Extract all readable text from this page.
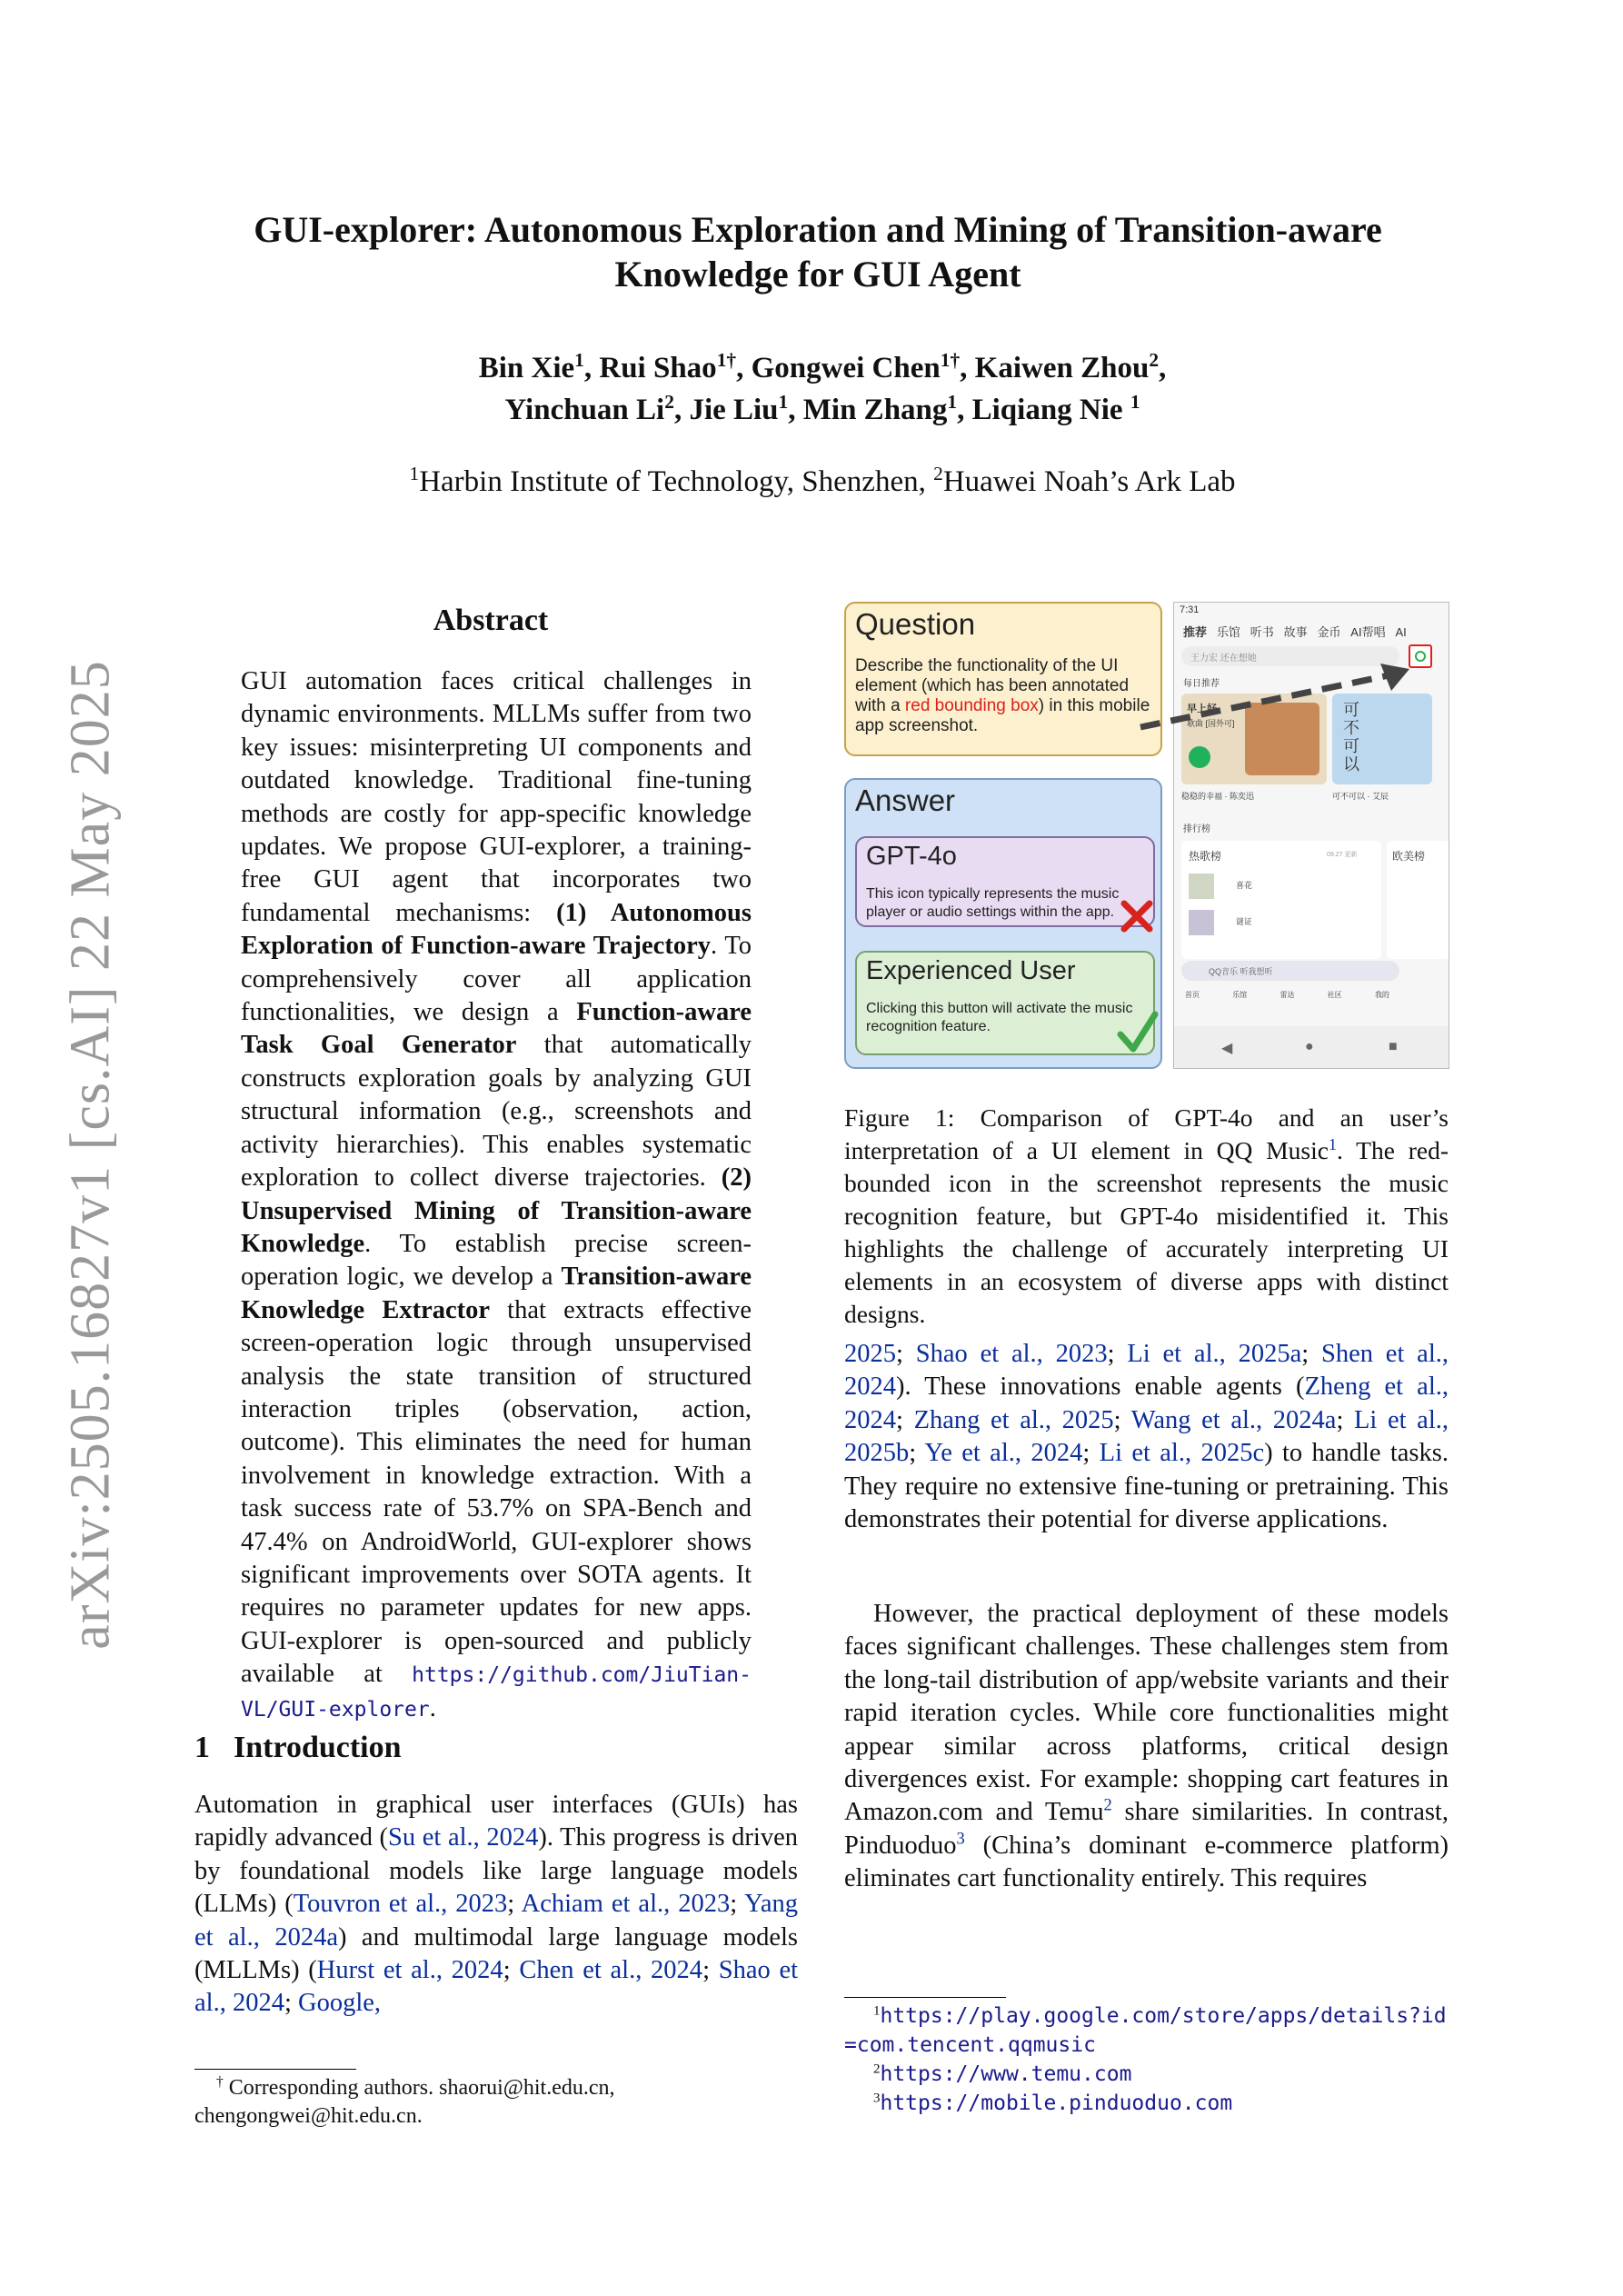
arXiv:2505.16827v1 [cs.AI] 22 May 2025
GUI-explorer: Autonomous Exploration and Mining of Transition-aware
Knowledge for GUI Agent
Bin Xie$^1$, Rui Shao$^{1\dagger}$, Gongwei Chen$^{1\dagger}$, Kaiwen Zhou$^2$,
Yinchuan Li$^2$, Jie Liu$^1$, Min Zhang$^1$, Liqiang Nie $^1$
$^1$Harbin Institute of Technology, Shenzhen, $^2$Huawei Noah’s Ark Lab
Abstract
GUI automation faces critical challenges in dynamic environments. MLLMs suffer from two key issues: misinterpreting UI components and outdated knowledge. Traditional fine-tuning methods are costly for app-specific knowledge updates. We propose GUI-explorer, a training-free GUI agent that incorporates two fundamental mechanisms: (1) Autonomous Exploration of Function-aware Trajectory. To comprehensively cover all application functionalities, we design a Function-aware Task Goal Generator that automatically constructs exploration goals by analyzing GUI structural information (e.g., screenshots and activity hierarchies). This enables systematic exploration to collect diverse trajectories. (2) Unsupervised Mining of Transition-aware Knowledge. To establish precise screen-operation logic, we develop a Transition-aware Knowledge Extractor that extracts effective screen-operation logic through unsupervised analysis the state transition of structured interaction triples (observation, action, outcome). This eliminates the need for human involvement in knowledge extraction. With a task success rate of 53.7% on SPA-Bench and 47.4% on AndroidWorld, GUI-explorer shows significant improvements over SOTA agents. It requires no parameter updates for new apps. GUI-explorer is open-sourced and publicly available at https://github.com/JiuTian-VL/GUI-explorer.
1 Introduction
Automation in graphical user interfaces (GUIs) has rapidly advanced (Su et al., 2024). This progress is driven by foundational models like large language models (LLMs) (Touvron et al., 2023; Achiam et al., 2023; Yang et al., 2024a) and multimodal large language models (MLLMs) (Hurst et al., 2024; Chen et al., 2024; Shao et al., 2024; Google,
† Corresponding authors. shaorui@hit.edu.cn, chengongwei@hit.edu.cn.
Question
Describe the functionality of the UI element (which has been annotated with a red bounding box) in this mobile app screenshot.
Answer
GPT-4o
This icon typically represents the music player or audio settings within the app.
Experienced User
Clicking this button will activate the music recognition feature.
7:31
推荐 乐馆 听书 故事 金币 AI帮唱 AI
王力宏 还在想她
每日推荐
早上好
歌曲 [国外可]
可不可以
稳稳的幸福 · 陈奕迅	可不可以 · 艾辰
排行榜
热歌榜	09.27 更新
喜花
谜证
欧美榜
QQ音乐 听我想听
首页	乐馆	雷达	社区	我的
◀	●	■
Figure 1: Comparison of GPT-4o and an user’s interpretation of a UI element in QQ Music$^1$. The red-bounded icon in the screenshot represents the music recognition feature, but GPT-4o misidentified it. This highlights the challenge of accurately interpreting UI elements in an ecosystem of diverse apps with distinct designs.
2025; Shao et al., 2023; Li et al., 2025a; Shen et al., 2024). These innovations enable agents (Zheng et al., 2024; Zhang et al., 2025; Wang et al., 2024a; Li et al., 2025b; Ye et al., 2024; Li et al., 2025c) to handle tasks. They require no extensive fine-tuning or pretraining. This demonstrates their potential for diverse applications.
However, the practical deployment of these models faces significant challenges. These challenges stem from the long-tail distribution of app/website variants and their rapid iteration cycles. While core functionalities might appear similar across platforms, critical design divergences exist. For example: shopping cart features in Amazon.com and Temu$^2$ share similarities. In contrast, Pinduoduo$^3$ (China’s dominant e-commerce platform) eliminates cart functionality entirely. This requires
$^1$https://play.google.com/store/apps/details?id=com.tencent.qqmusic
$^2$https://www.temu.com
$^3$https://mobile.pinduoduo.com
